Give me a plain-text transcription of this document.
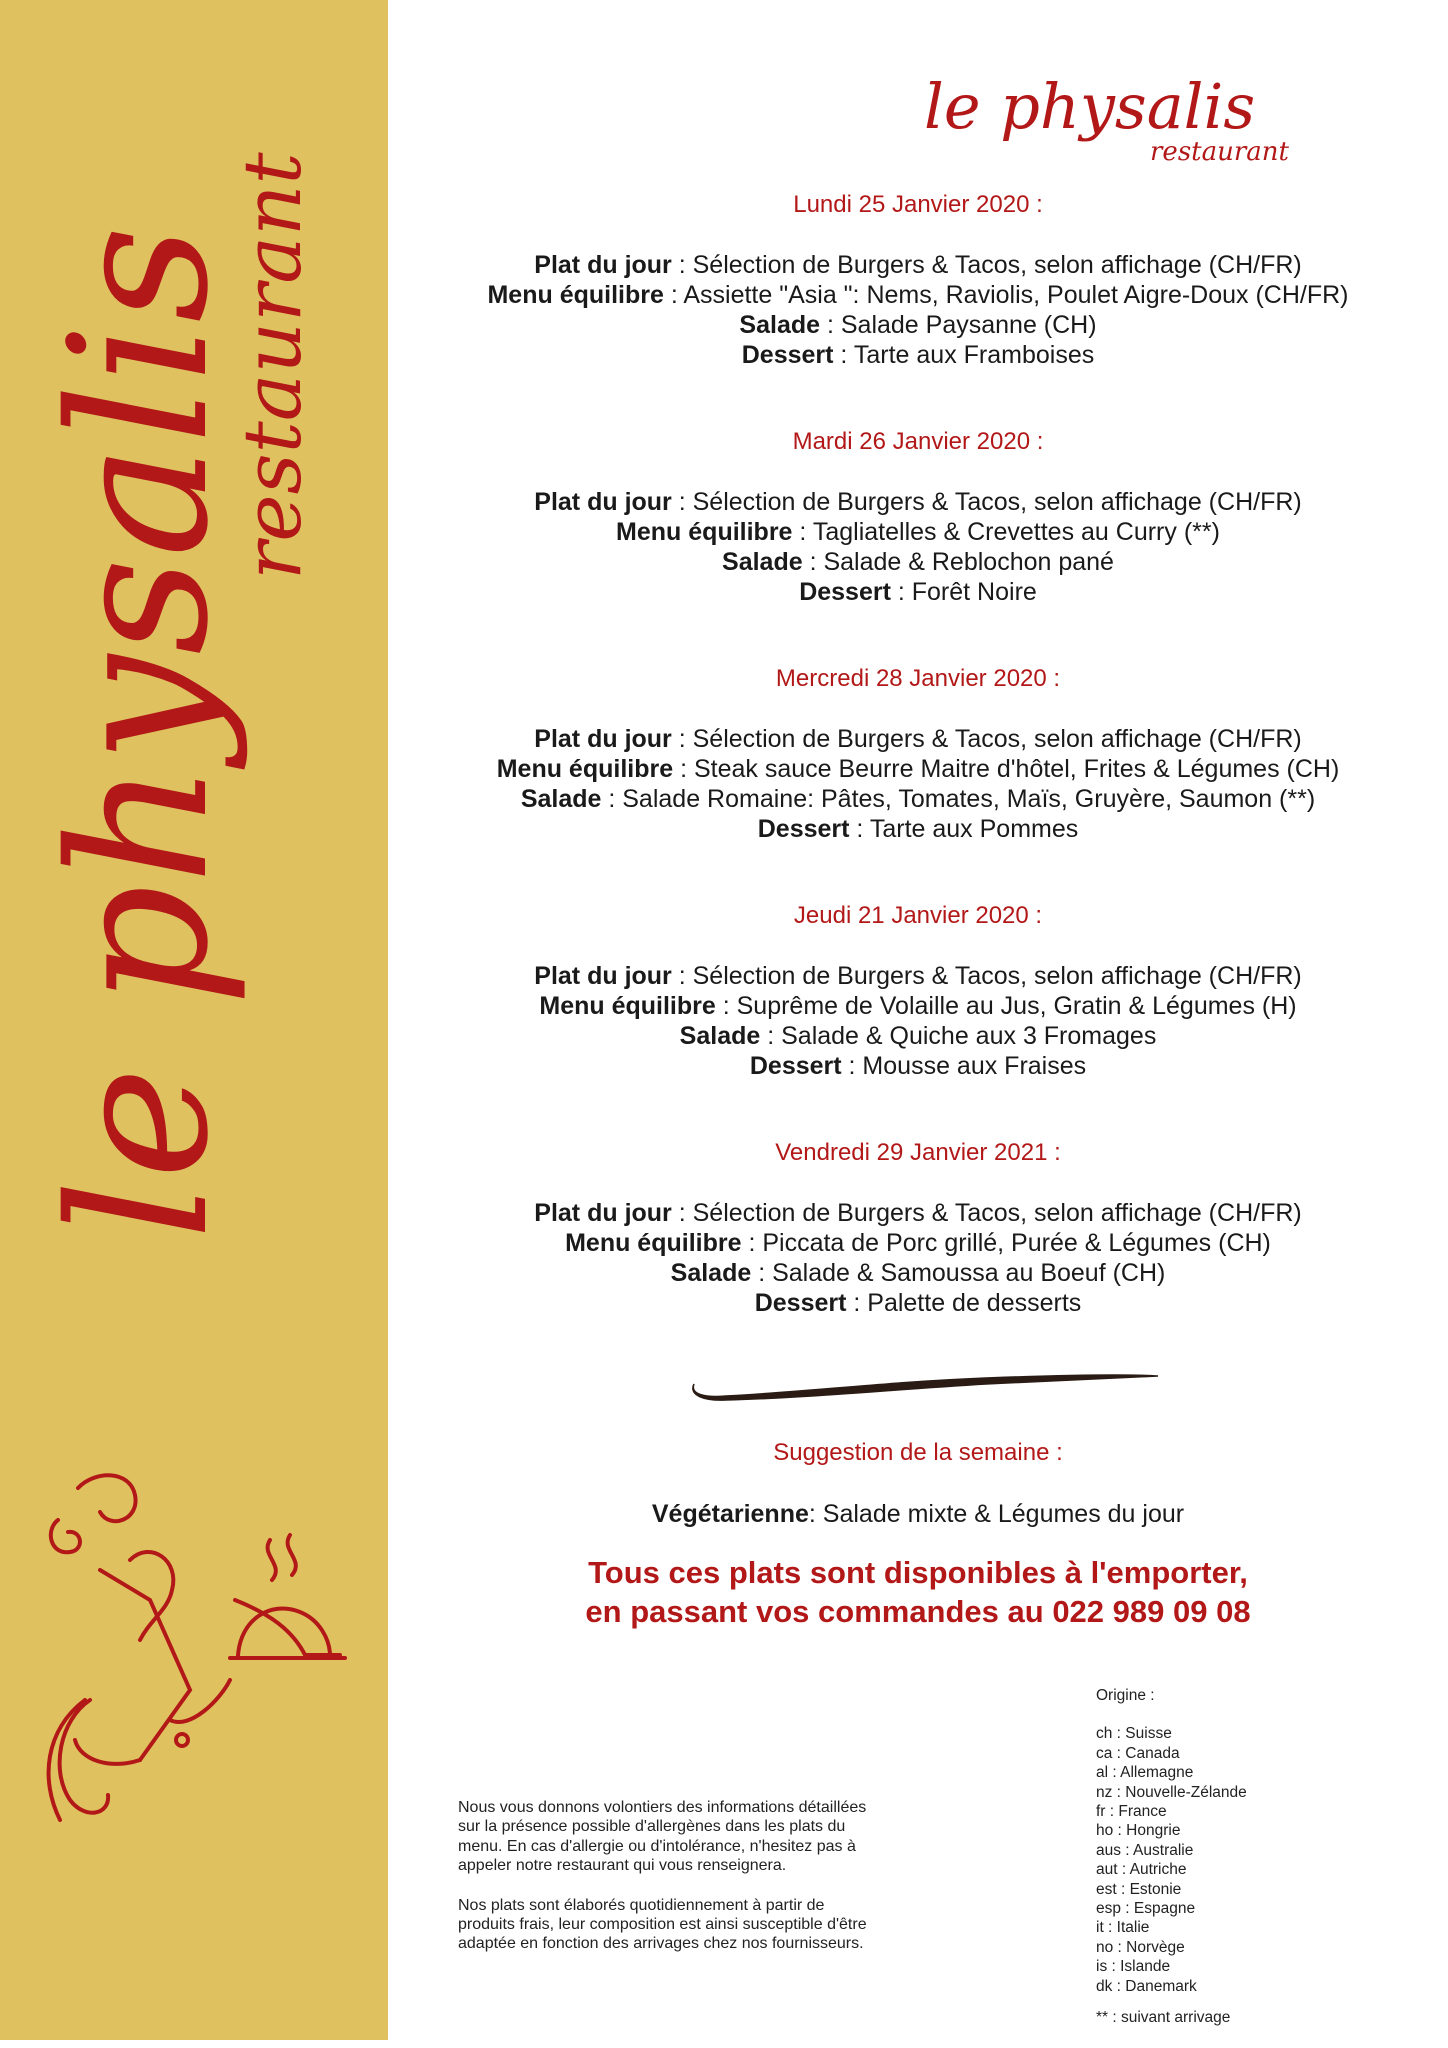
le physalis
restaurant
le physalis
restaurant
Lundi 25 Janvier 2020 :
Plat du jour : Sélection de Burgers & Tacos, selon affichage (CH/FR)
Menu équilibre : Assiette "Asia ": Nems, Raviolis, Poulet Aigre-Doux (CH/FR)
Salade : Salade Paysanne (CH)
Dessert : Tarte aux Framboises
Mardi 26 Janvier 2020 :
Plat du jour : Sélection de Burgers & Tacos, selon affichage (CH/FR)
Menu équilibre : Tagliatelles & Crevettes au Curry (**)
Salade : Salade & Reblochon pané
Dessert : Forêt Noire
Mercredi 28 Janvier 2020 :
Plat du jour : Sélection de Burgers & Tacos, selon affichage (CH/FR)
Menu équilibre : Steak sauce Beurre Maitre d'hôtel, Frites & Légumes (CH)
Salade : Salade Romaine: Pâtes, Tomates, Maïs, Gruyère, Saumon (**)
Dessert : Tarte aux Pommes
Jeudi 21 Janvier 2020 :
Plat du jour : Sélection de Burgers & Tacos, selon affichage (CH/FR)
Menu équilibre : Suprême de Volaille au Jus, Gratin & Légumes (H)
Salade : Salade & Quiche aux 3 Fromages
Dessert : Mousse aux Fraises
Vendredi 29 Janvier 2021 :
Plat du jour : Sélection de Burgers & Tacos, selon affichage (CH/FR)
Menu équilibre : Piccata de Porc grillé, Purée & Légumes (CH)
Salade : Salade & Samoussa au Boeuf (CH)
Dessert : Palette de desserts
Suggestion de la semaine :
Végétarienne: Salade mixte & Légumes du jour
Tous ces plats sont disponibles à l'emporter,
en passant vos commandes au 022 989 09 08

Nous vous donnons volontiers des informations détaillées
sur la présence possible d'allergènes dans les plats du
menu. En cas d'allergie ou d'intolérance, n'hesitez pas à
appeler notre restaurant qui vous renseignera.

Nos plats sont élaborés quotidiennement à partir de
produits frais, leur composition est ainsi susceptible d'être
adaptée en fonction des arrivages chez nos fournisseurs.

Origine :
ch : Suisse
ca : Canada
al : Allemagne
nz : Nouvelle-Zélande
fr : France
ho : Hongrie
aus : Australie
aut : Autriche
est : Estonie
esp : Espagne
it : Italie
no : Norvège
is : Islande
dk : Danemark
** : suivant arrivage
